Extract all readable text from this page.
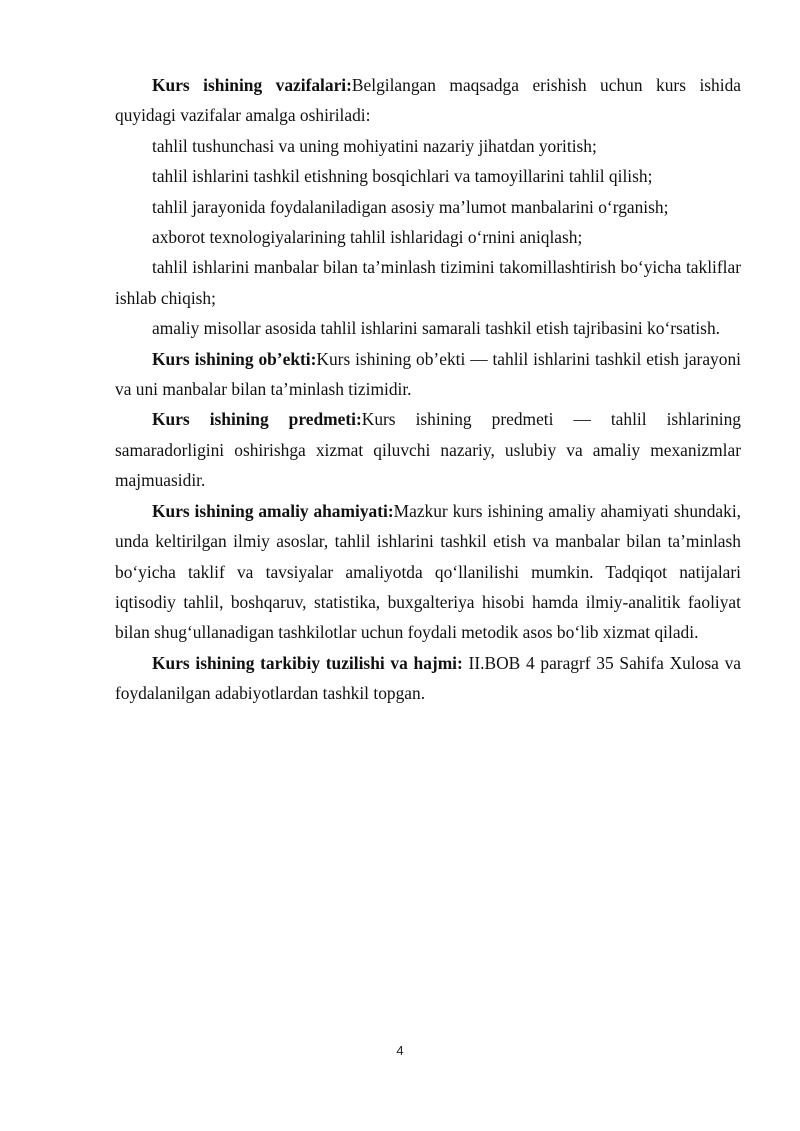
Kurs ishining vazifalari:Belgilangan maqsadga erishish uchun kurs ishida quyidagi vazifalar amalga oshiriladi:

tahlil tushunchasi va uning mohiyatini nazariy jihatdan yoritish;

tahlil ishlarini tashkil etishning bosqichlari va tamoyillarini tahlil qilish;

tahlil jarayonida foydalaniladigan asosiy ma’lumot manbalarini o‘rganish;

axborot texnologiyalarining tahlil ishlaridagi o‘rnini aniqlash;

tahlil ishlarini manbalar bilan ta’minlash tizimini takomillashtirish bo‘yicha takliflar ishlab chiqish;

amaliy misollar asosida tahlil ishlarini samarali tashkil etish tajribasini ko‘rsatish.

Kurs ishining ob’ekti:Kurs ishining ob’ekti — tahlil ishlarini tashkil etish jarayoni va uni manbalar bilan ta’minlash tizimidir.

Kurs ishining predmeti:Kurs ishining predmeti — tahlil ishlarining samaradorligini oshirishga xizmat qiluvchi nazariy, uslubiy va amaliy mexanizmlar majmuasidir.

Kurs ishining amaliy ahamiyati:Mazkur kurs ishining amaliy ahamiyati shundaki, unda keltirilgan ilmiy asoslar, tahlil ishlarini tashkil etish va manbalar bilan ta’minlash bo‘yicha taklif va tavsiyalar amaliyotda qo‘llanilishi mumkin. Tadqiqot natijalari iqtisodiy tahlil, boshqaruv, statistika, buxgalteriya hisobi hamda ilmiy-analitik faoliyat bilan shug‘ullanadigan tashkilotlar uchun foydali metodik asos bo‘lib xizmat qiladi.

Kurs ishining tarkibiy tuzilishi va hajmi: II.BOB 4 paragrf 35 Sahifa Xulosa va foydalanilgan adabiyotlardan tashkil topgan.

4
